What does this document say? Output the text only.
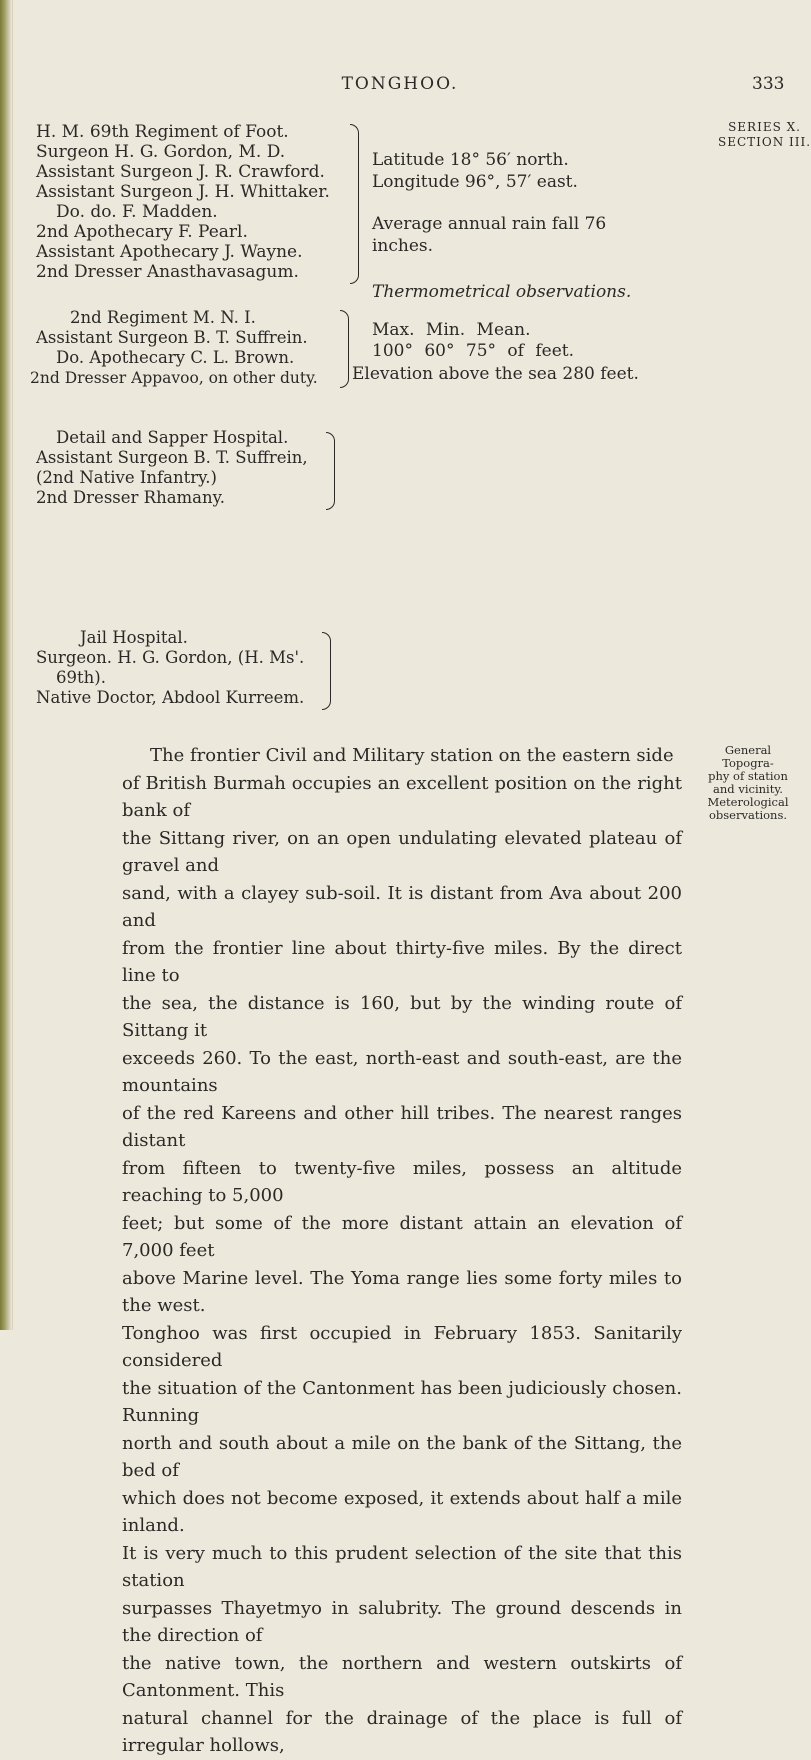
TONGHOO.	333
SERIES X.
SECTION III.
H. M. 69th Regiment of Foot.
Surgeon H. G. Gordon, M. D.
Assistant Surgeon J. R. Crawford.
Assistant Surgeon J. H. Whittaker.
Do. do. F. Madden.
2nd Apothecary F. Pearl.
Assistant Apothecary J. Wayne.
2nd Dresser Anasthavasagum.
2nd Regiment M. N. I.
Assistant Surgeon B. T. Suffrein.
Do. Apothecary C. L. Brown.
2nd Dresser Appavoo, on other duty.
Detail and Sapper Hospital.
Assistant Surgeon B. T. Suffrein,
(2nd Native Infantry.)
2nd Dresser Rhamany.
Jail Hospital.
Surgeon. H. G. Gordon, (H. Ms'.
69th).
Native Doctor, Abdool Kurreem.
Latitude 18° 56′ north.
Longitude 96°, 57′ east.
Average annual rain fall 76
inches.
Thermometrical observations.
Max. Min. Mean.
100° 60° 75° of feet.
Elevation above the sea 280 feet.
General Topogra-
phy of station
and vicinity.
Meterological
observations.
The frontier Civil and Military station on the eastern side
of British Burmah occupies an excellent position on the right bank of
the Sittang river, on an open undulating elevated plateau of gravel and
sand, with a clayey sub-soil. It is distant from Ava about 200 and
from the frontier line about thirty-five miles. By the direct line to
the sea, the distance is 160, but by the winding route of Sittang it
exceeds 260. To the east, north-east and south-east, are the mountains
of the red Kareens and other hill tribes. The nearest ranges distant
from fifteen to twenty-five miles, possess an altitude reaching to 5,000
feet; but some of the more distant attain an elevation of 7,000 feet
above Marine level. The Yoma range lies some forty miles to the west.
Tonghoo was first occupied in February 1853. Sanitarily considered
the situation of the Cantonment has been judiciously chosen. Running
north and south about a mile on the bank of the Sittang, the bed of
which does not become exposed, it extends about half a mile inland.
It is very much to this prudent selection of the site that this station
surpasses Thayetmyo in salubrity. The ground descends in the direction of
the native town, the northern and western outskirts of Cantonment. This
natural channel for the drainage of the place is full of irregular hollows,
